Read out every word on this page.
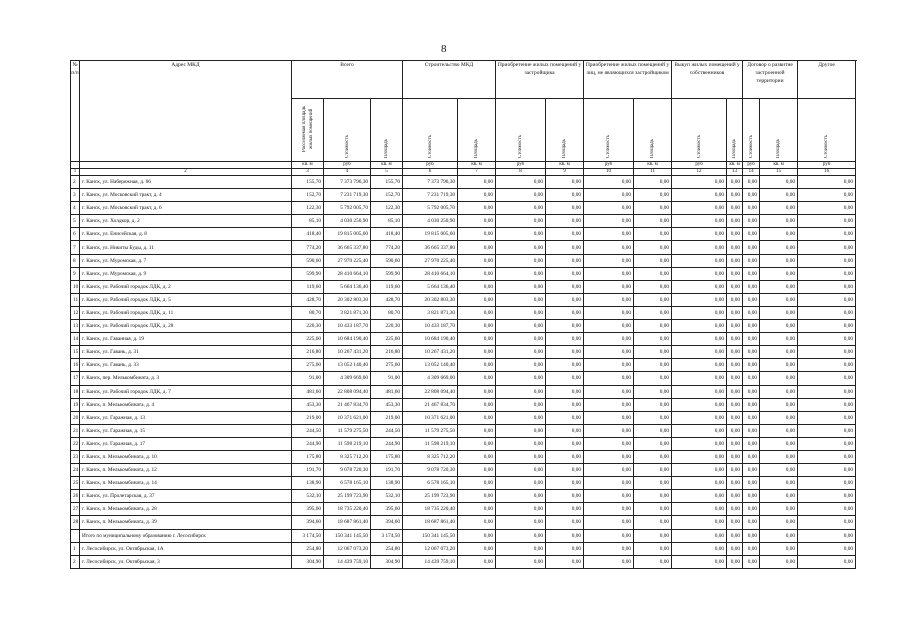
8
№ п/п	Адрес МКД	Всего			Строительство МКД		Приобретение жилых помещений у застройщика		Приобретение жилых помещений у лиц, не являющихся застройщиком		Выкуп жилых помещений у собственников		Договор о развитие застроенной территории		Другое

		Расселяемая площадь жилых помещений	Стоимость	Площадь	Стоимость	Площадь	Стоимость	Площадь	Стоимость	Площадь	Стоимость	Площадь	Стоимость	Площадь	Стоимость

		кв. м	руб	кв. м	руб	кв. м	руб	кв. м	руб	кв. м	руб	кв. м	руб	кв. м	руб
1	2	3	4	5	6	7	8	9	10	11	12	13	14	15	16
2	г. Канск, ул. Набережная, д. 66	155,70	7 373 796,30	155,70	7 373 796,30	0,00	0,00	0,00	0,00	0,00	0,00	0,00	0,00	0,00	0,00
3	г. Канск, ул. Московский тракт, д. 4	152,70	7 231 719,30	152,70	7 231 719,30	0,00	0,00	0,00	0,00	0,00	0,00	0,00	0,00	0,00	0,00
4	г. Канск, ул. Московский тракт, д. 6	122,30	5 792 005,70	122,30	5 792 005,70	0,00	0,00	0,00	0,00	0,00	0,00	0,00	0,00	0,00	0,00
5	г. Канск, ул. Холдкор, д. 2	85,10	4 030 250,90	85,10	4 030 250,90	0,00	0,00	0,00	0,00	0,00	0,00	0,00	0,00	0,00	0,00
6	г. Канск, ул. Енисейская, д. 8	418,40	19 815 005,60	418,40	19 815 005,60	0,00	0,00	0,00	0,00	0,00	0,00	0,00	0,00	0,00	0,00
7	г. Канск, ул. Никиты Буды, д. 11	774,20	36 665 337,80	774,20	36 665 337,80	0,00	0,00	0,00	0,00	0,00	0,00	0,00	0,00	0,00	0,00
8	г. Канск, ул. Муромская, д. 7	590,60	27 970 225,40	590,60	27 970 225,40	0,00	0,00	0,00	0,00	0,00	0,00	0,00	0,00	0,00	0,00
9	г. Канск, ул. Муромская, д. 9	599,90	28 410 664,10	599,90	28 410 664,10	0,00	0,00	0,00	0,00	0,00	0,00	0,00	0,00	0,00	0,00
10	г. Канск, ул. Рабочий городок ЛДК, д. 2	119,60	5 664 136,40	119,60	5 664 136,40	0,00	0,00	0,00	0,00	0,00	0,00	0,00	0,00	0,00	0,00
11	г. Канск, ул. Рабочий городок ЛДК, д. 5	428,70	20 302 803,30	428,70	20 302 803,30	0,00	0,00	0,00	0,00	0,00	0,00	0,00	0,00	0,00	0,00
12	г. Канск, ул. Рабочий городок ЛДК, д. 11	80,70	3 821 871,30	80,70	3 821 871,30	0,00	0,00	0,00	0,00	0,00	0,00	0,00	0,00	0,00	0,00
13	г. Канск, ул. Рабочий городок ЛДК, д. 28	220,30	10 433 187,70	220,30	10 433 187,70	0,00	0,00	0,00	0,00	0,00	0,00	0,00	0,00	0,00	0,00
14	г. Канск, ул. Гаванная, д. 19	225,60	10 684 190,40	225,60	10 684 190,40	0,00	0,00	0,00	0,00	0,00	0,00	0,00	0,00	0,00	0,00
15	г. Канск, ул. Гавань, д. 31	216,80	10 267 431,20	216,80	10 267 431,20	0,00	0,00	0,00	0,00	0,00	0,00	0,00	0,00	0,00	0,00
16	г. Канск, ул. Гавань, д. 33	275,60	13 052 140,40	275,60	13 052 140,40	0,00	0,00	0,00	0,00	0,00	0,00	0,00	0,00	0,00	0,00
17	г. Канск, пер. Мелькомбината, д. 3	91,00	4 309 669,00	91,00	4 309 669,00	0,00	0,00	0,00	0,00	0,00	0,00	0,00	0,00	0,00	0,00
18	г. Канск, ул. Рабочий городок ЛДК, д. 7	481,60	22 808 094,40	481,60	22 808 094,40	0,00	0,00	0,00	0,00	0,00	0,00	0,00	0,00	0,00	0,00
19	г. Канск, п. Мелькомбината, д. 4	453,30	21 467 834,70	453,30	21 467 834,70	0,00	0,00	0,00	0,00	0,00	0,00	0,00	0,00	0,00	0,00
20	г. Канск, ул. Гаражная, д. 13	219,00	10 371 621,00	219,00	10 371 621,00	0,00	0,00	0,00	0,00	0,00	0,00	0,00	0,00	0,00	0,00
21	г. Канск, ул. Гаражная, д. 15	244,50	11 579 275,50	244,50	11 579 275,50	0,00	0,00	0,00	0,00	0,00	0,00	0,00	0,00	0,00	0,00
22	г. Канск, ул. Гаражная, д. 17	244,90	11 598 219,10	244,90	11 598 219,10	0,00	0,00	0,00	0,00	0,00	0,00	0,00	0,00	0,00	0,00
23	г. Канск, п. Мелькомбината, д. 10	175,80	8 325 712,20	175,80	8 325 712,20	0,00	0,00	0,00	0,00	0,00	0,00	0,00	0,00	0,00	0,00
24	г. Канск, п. Мелькомбината, д. 12	191,70	9 078 720,30	191,70	9 078 720,30	0,00	0,00	0,00	0,00	0,00	0,00	0,00	0,00	0,00	0,00
25	г. Канск, п. Мелькомбината, д. 14	138,90	6 578 165,10	138,90	6 578 165,10	0,00	0,00	0,00	0,00	0,00	0,00	0,00	0,00	0,00	0,00
26	г. Канск, ул. Пролетарская, д. 37	532,10	25 199 723,90	532,10	25 199 723,90	0,00	0,00	0,00	0,00	0,00	0,00	0,00	0,00	0,00	0,00
27	г. Канск, п. Мелькомбината, д. 28	395,60	18 735 220,40	395,60	18 735 220,40	0,00	0,00	0,00	0,00	0,00	0,00	0,00	0,00	0,00	0,00
28	г. Канск, п. Мелькомбината, д. 39	394,60	18 687 861,40	394,60	18 687 861,40	0,00	0,00	0,00	0,00	0,00	0,00	0,00	0,00	0,00	0,00
	Итого по муниципальному образованию г. Лесосибирск	3 174,50	150 341 145,50	3 174,50	150 341 145,50	0,00	0,00	0,00	0,00	0,00	0,00	0,00	0,00	0,00	0,00
1	г. Лесосибирск, ул. Октябрьская, 1А	254,80	12 067 073,20	254,80	12 067 073,20	0,00	0,00	0,00	0,00	0,00	0,00	0,00	0,00	0,00	0,00
2	г. Лесосибирск, ул. Октябрьская, 3	304,90	14 439 759,10	304,90	14 439 759,10	0,00	0,00	0,00	0,00	0,00	0,00	0,00	0,00	0,00	0,00
